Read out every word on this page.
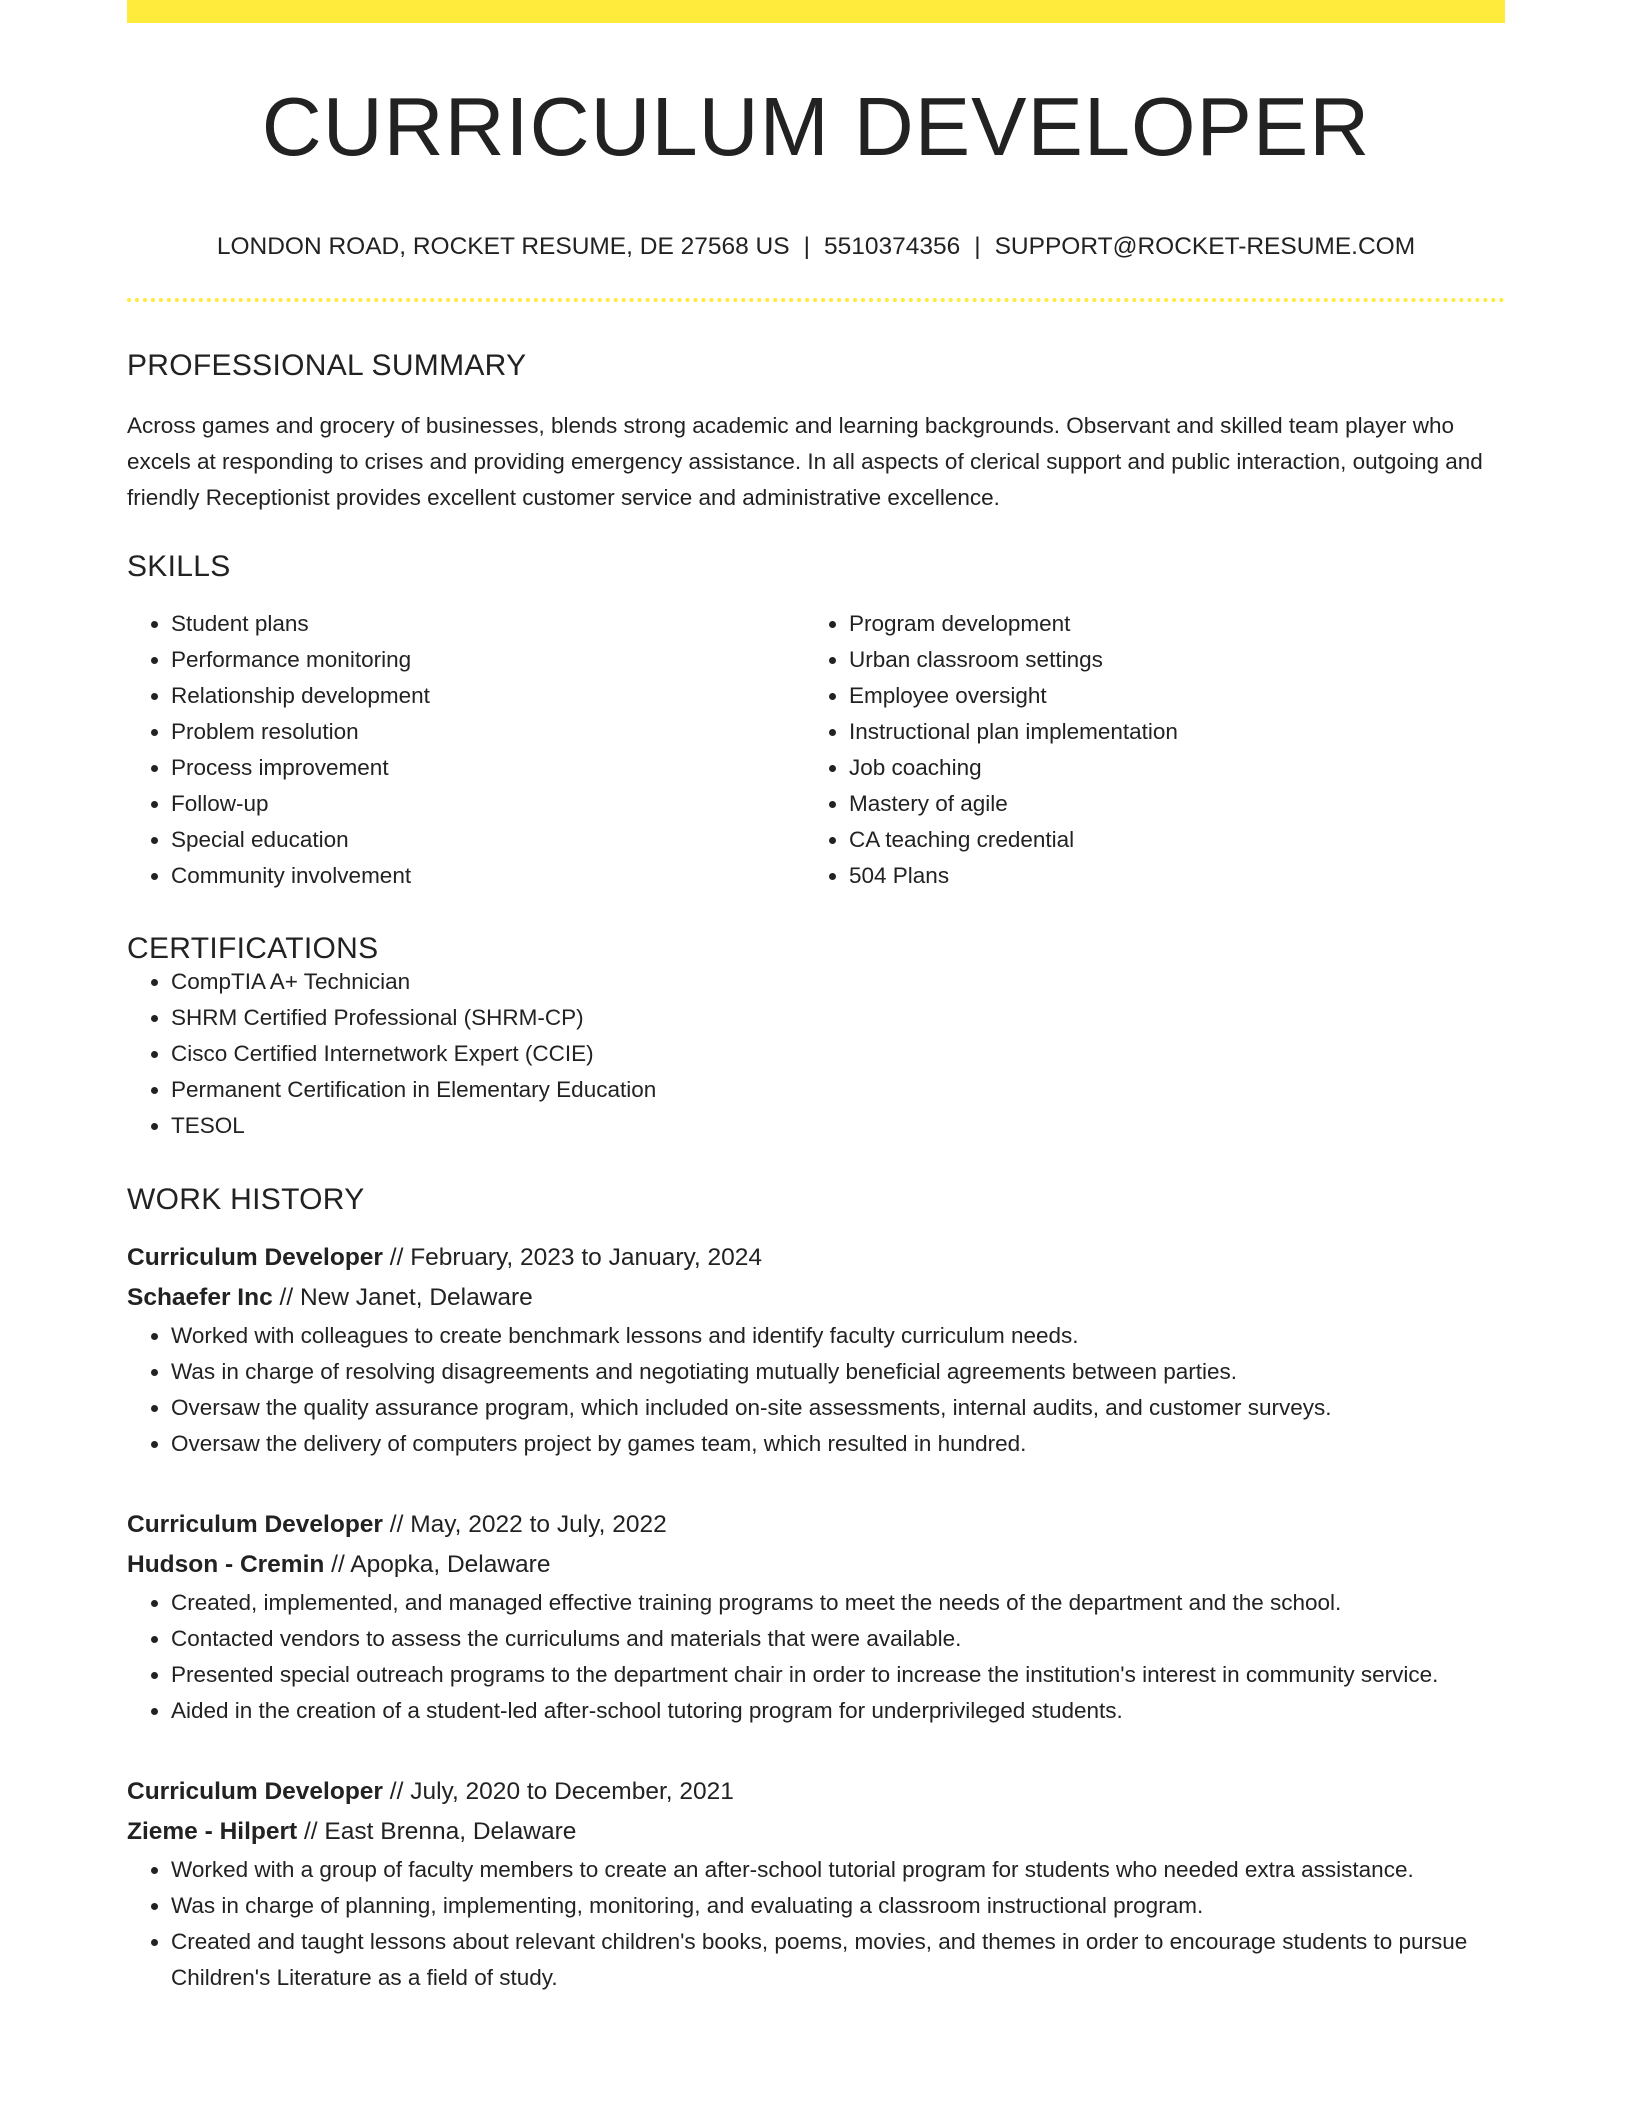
CURRICULUM DEVELOPER
LONDON ROAD, ROCKET RESUME, DE 27568 US | 5510374356 | SUPPORT@ROCKET-RESUME.COM
PROFESSIONAL SUMMARY

Across games and grocery of businesses, blends strong academic and learning backgrounds. Observant and skilled team player who excels at responding to crises and providing emergency assistance. In all aspects of clerical support and public interaction, outgoing and friendly Receptionist provides excellent customer service and administrative excellence.

SKILLS
• Student plans
• Performance monitoring
• Relationship development
• Problem resolution
• Process improvement
• Follow-up
• Special education
• Community involvement
• Program development
• Urban classroom settings
• Employee oversight
• Instructional plan implementation
• Job coaching
• Mastery of agile
• CA teaching credential
• 504 Plans
CERTIFICATIONS
• CompTIA A+ Technician
• SHRM Certified Professional (SHRM-CP)
• Cisco Certified Internetwork Expert (CCIE)
• Permanent Certification in Elementary Education
• TESOL
WORK HISTORY
Curriculum Developer // February, 2023 to January, 2024
Schaefer Inc // New Janet, Delaware
• Worked with colleagues to create benchmark lessons and identify faculty curriculum needs.
• Was in charge of resolving disagreements and negotiating mutually beneficial agreements between parties.
• Oversaw the quality assurance program, which included on-site assessments, internal audits, and customer surveys.
• Oversaw the delivery of computers project by games team, which resulted in hundred.
Curriculum Developer // May, 2022 to July, 2022
Hudson - Cremin // Apopka, Delaware
• Created, implemented, and managed effective training programs to meet the needs of the department and the school.
• Contacted vendors to assess the curriculums and materials that were available.
• Presented special outreach programs to the department chair in order to increase the institution's interest in community service.
• Aided in the creation of a student-led after-school tutoring program for underprivileged students.
Curriculum Developer // July, 2020 to December, 2021
Zieme - Hilpert // East Brenna, Delaware
• Worked with a group of faculty members to create an after-school tutorial program for students who needed extra assistance.
• Was in charge of planning, implementing, monitoring, and evaluating a classroom instructional program.
• Created and taught lessons about relevant children's books, poems, movies, and themes in order to encourage students to pursue Children's Literature as a field of study.
